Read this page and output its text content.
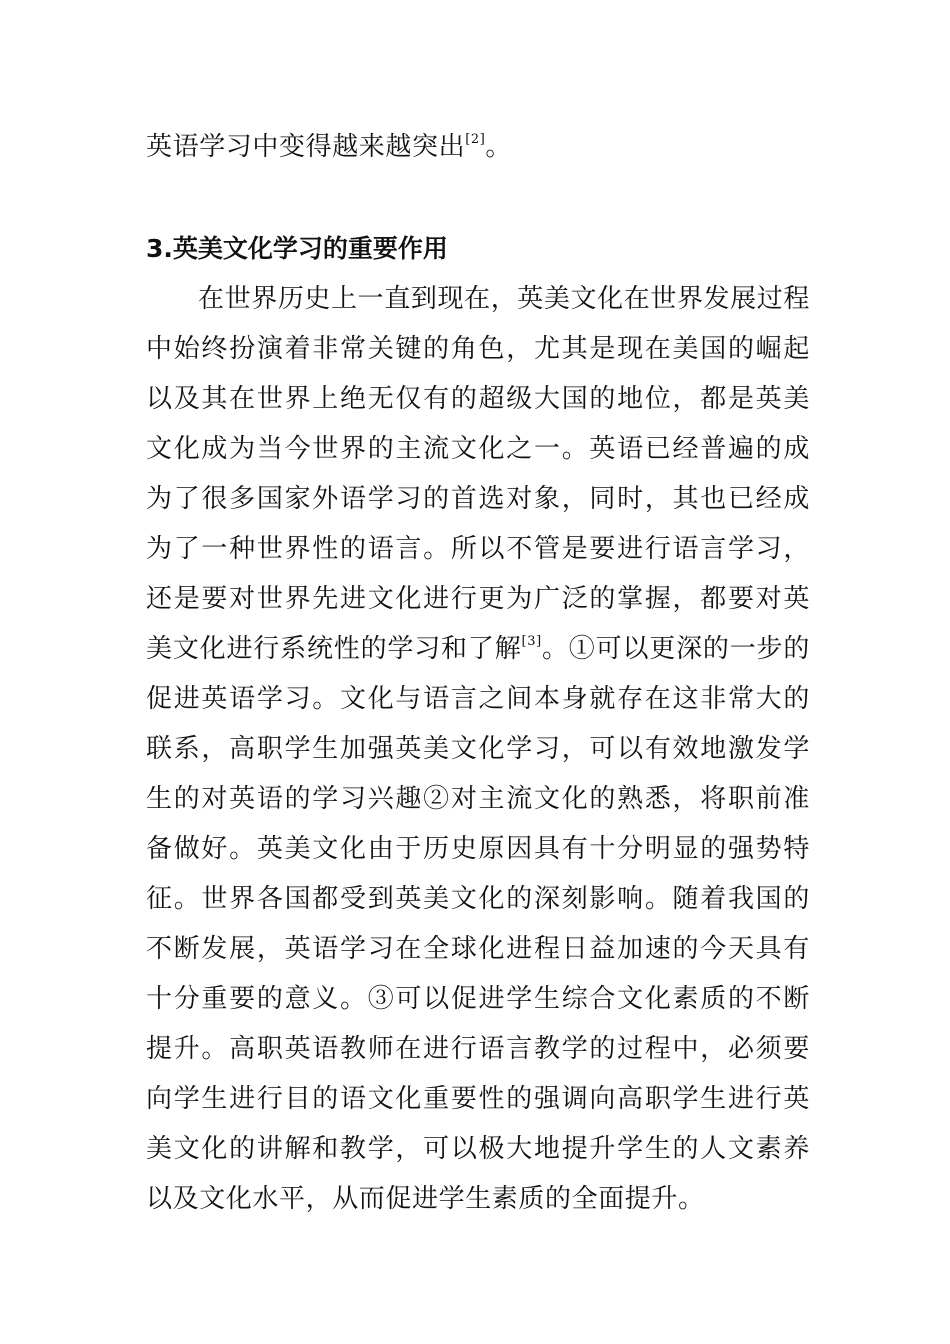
英语学习中变得越来越突出[2]。
3.英美文化学习的重要作用
在世界历史上一直到现在，英美文化在世界发展过程中始终扮演着非常关键的角色，尤其是现在美国的崛起以及其在世界上绝无仅有的超级大国的地位，都是英美文化成为当今世界的主流文化之一。英语已经普遍的成为了很多国家外语学习的首选对象，同时，其也已经成为了一种世界性的语言。所以不管是要进行语言学习，还是要对世界先进文化进行更为广泛的掌握，都要对英美文化进行系统性的学习和了解[3]。①可以更深的一步的促进英语学习。文化与语言之间本身就存在这非常大的联系，高职学生加强英美文化学习，可以有效地激发学生的对英语的学习兴趣②对主流文化的熟悉，将职前准备做好。英美文化由于历史原因具有十分明显的强势特征。世界各国都受到英美文化的深刻影响。随着我国的不断发展，英语学习在全球化进程日益加速的今天具有十分重要的意义。③可以促进学生综合文化素质的不断提升。高职英语教师在进行语言教学的过程中，必须要向学生进行目的语文化重要性的强调向高职学生进行英美文化的讲解和教学，可以极大地提升学生的人文素养以及文化水平，从而促进学生素质的全面提升。
